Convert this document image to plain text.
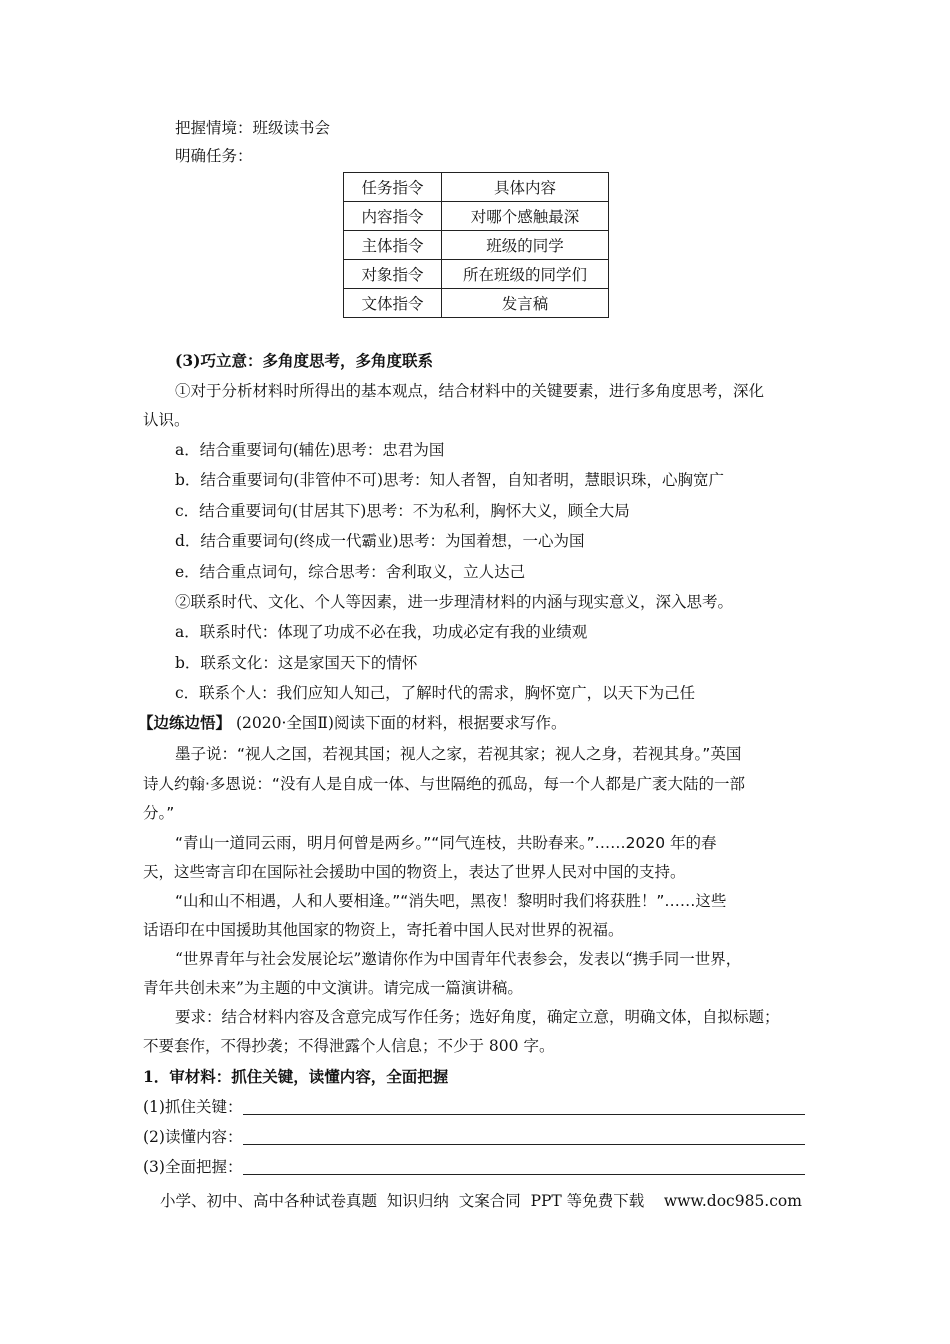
把握情境：班级读书会
明确任务：
任务指令	具体内容
内容指令	对哪个感触最深
主体指令	班级的同学
对象指令	所在班级的同学们
文体指令	发言稿
(3)巧立意：多角度思考，多角度联系
①对于分析材料时所得出的基本观点，结合材料中的关键要素，进行多角度思考，深化
认识。
a．结合重要词句(辅佐)思考：忠君为国
b．结合重要词句(非管仲不可)思考：知人者智，自知者明，慧眼识珠，心胸宽广
c．结合重要词句(甘居其下)思考：不为私利，胸怀大义，顾全大局
d．结合重要词句(终成一代霸业)思考：为国着想，一心为国
e．结合重点词句，综合思考：舍利取义，立人达己
②联系时代、文化、个人等因素，进一步理清材料的内涵与现实意义，深入思考。
a．联系时代：体现了功成不必在我，功成必定有我的业绩观
b．联系文化：这是家国天下的情怀
c．联系个人：我们应知人知己，了解时代的需求，胸怀宽广，以天下为己任
【边练边悟】 (2020·全国Ⅱ)阅读下面的材料，根据要求写作。
墨子说：“视人之国，若视其国；视人之家，若视其家；视人之身，若视其身。”英国
诗人约翰·多恩说：“没有人是自成一体、与世隔绝的孤岛，每一个人都是广袤大陆的一部
分。”
“青山一道同云雨，明月何曾是两乡。”“同气连枝，共盼春来。”……2020 年的春
天，这些寄言印在国际社会援助中国的物资上，表达了世界人民对中国的支持。
“山和山不相遇，人和人要相逢。”“消失吧，黑夜！黎明时我们将获胜！”……这些
话语印在中国援助其他国家的物资上，寄托着中国人民对世界的祝福。
“世界青年与社会发展论坛”邀请你作为中国青年代表参会，发表以“携手同一世界，
青年共创未来”为主题的中文演讲。请完成一篇演讲稿。
要求：结合材料内容及含意完成写作任务；选好角度，确定立意，明确文体，自拟标题；
不要套作，不得抄袭；不得泄露个人信息；不少于 800 字。
1．审材料：抓住关键，读懂内容，全面把握
(1)抓住关键：
(2)读懂内容：
(3)全面把握：
小学、初中、高中各种试卷真题  知识归纳  文案合同  PPT 等免费下载    www.doc985.com
